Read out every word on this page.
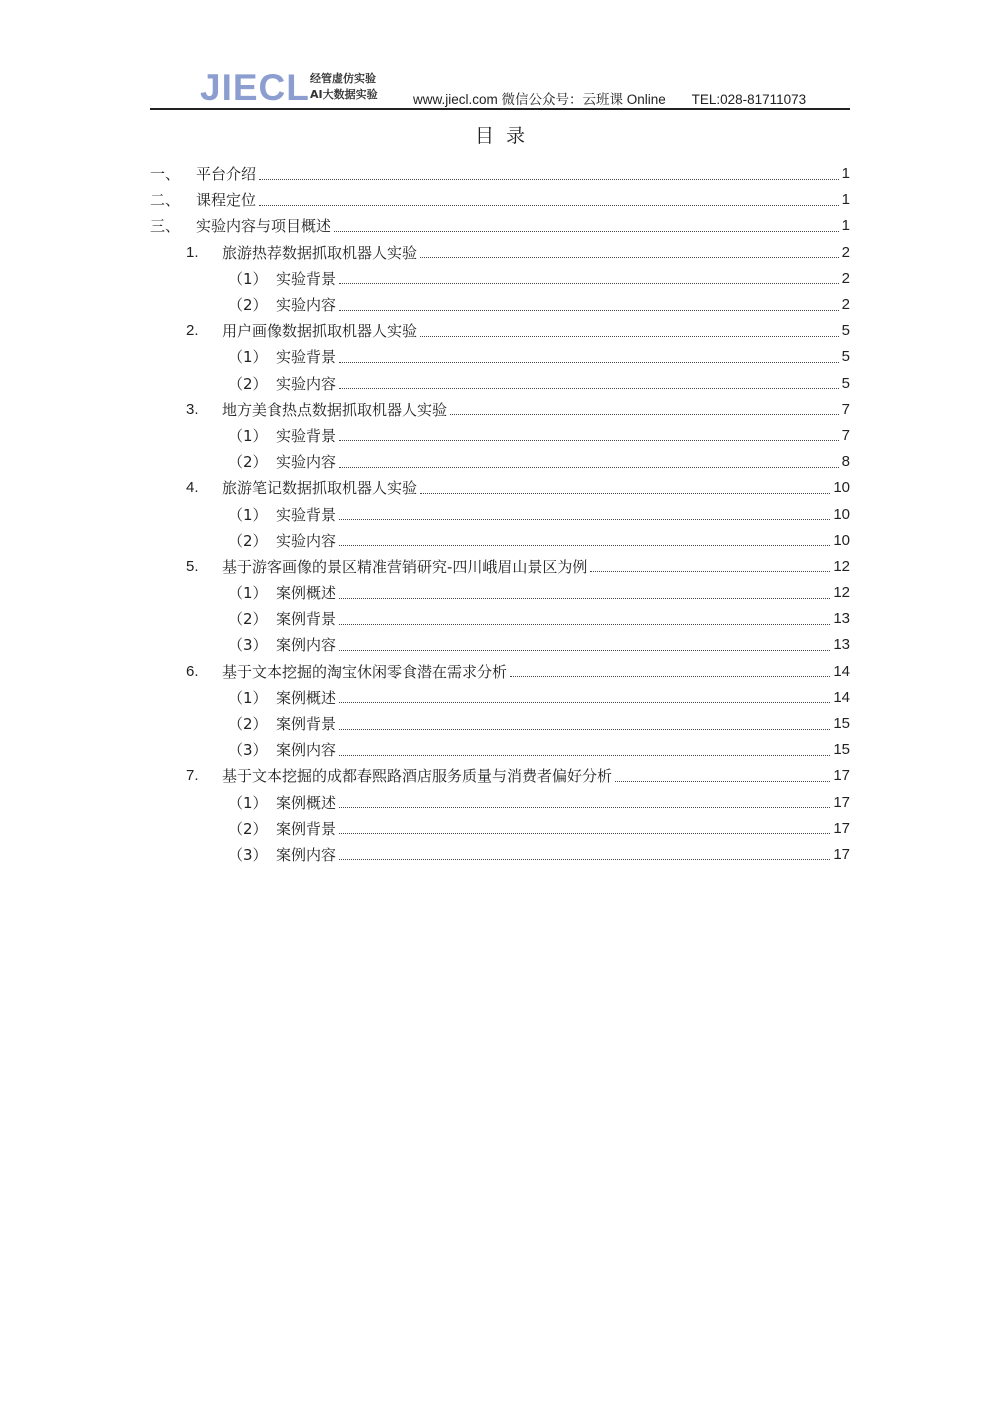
JIECL 经管虚仿实验
AI大数据实验	www.jiecl.com 微信公众号：云班课 Online TEL:028-81711073
目录
一、	平台介绍	1
二、	课程定位	1
三、	实验内容与项目概述	1
1.	旅游热荐数据抓取机器人实验	2
（1） 实验背景	2
（2） 实验内容	2
2.	用户画像数据抓取机器人实验	5
（1） 实验背景	5
（2） 实验内容	5
3.	地方美食热点数据抓取机器人实验	7
（1） 实验背景	7
（2） 实验内容	8
4.	旅游笔记数据抓取机器人实验	10
（1） 实验背景	10
（2） 实验内容	10
5.	基于游客画像的景区精准营销研究-四川峨眉山景区为例	12
（1） 案例概述	12
（2） 案例背景	13
（3） 案例内容	13
6.	基于文本挖掘的淘宝休闲零食潜在需求分析	14
（1） 案例概述	14
（2） 案例背景	15
（3） 案例内容	15
7.	基于文本挖掘的成都春熙路酒店服务质量与消费者偏好分析	17
（1） 案例概述	17
（2） 案例背景	17
（3） 案例内容	17
